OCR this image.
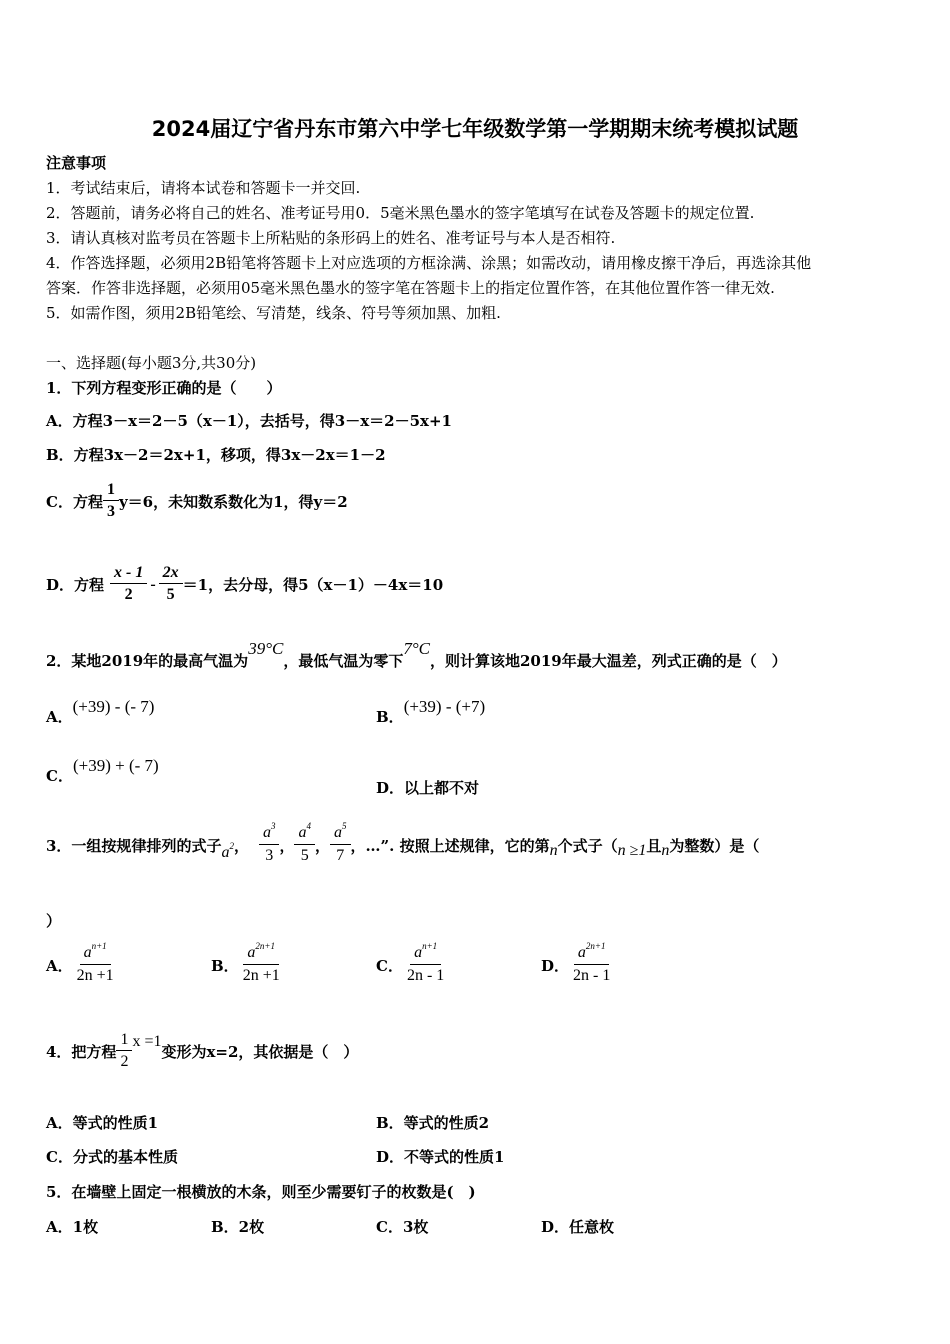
2024届辽宁省丹东市第六中学七年级数学第一学期期末统考模拟试题
注意事项
1．考试结束后，请将本试卷和答题卡一并交回.
2．答题前，请务必将自己的姓名、准考证号用0．5毫米黑色墨水的签字笔填写在试卷及答题卡的规定位置.
3．请认真核对监考员在答题卡上所粘贴的条形码上的姓名、准考证号与本人是否相符.
4．作答选择题，必须用2B铅笔将答题卡上对应选项的方框涂满、涂黑；如需改动，请用橡皮擦干净后，再选涂其他
答案．作答非选择题，必须用05毫米黑色墨水的签字笔在答题卡上的指定位置作答，在其他位置作答一律无效.
5．如需作图，须用2B铅笔绘、写清楚，线条、符号等须加黑、加粗.
一、选择题(每小题3分,共30分)
1．下列方程变形正确的是（　　）
A．方程3－x＝2－5（x－1），去括号，得3－x＝2－5x+1
B．方程3x－2＝2x+1，移项，得3x－2x＝1－2
C．方程 $\frac{1}{3} y=6$，未知数系数化为1，得y＝2
D．方程 $\frac{x - 1}{2} - \frac{2x}{5} =1$，去分母，得5（x－1）－4x＝10
2．某地2019年的最高气温为
39°C
，最低气温为零下
7°C
，则计算该地2019年最大温差，列式正确的是（　）
A．
(+39) - (- 7)
B．
(+39) - (+7)
C．
(+39) + (- 7)
D．以上都不对
3．一组按规律排列的式子 $a^2$ ， $\frac{a^3}{3}$ ， $\frac{a^4}{5}$ ， $\frac{a^5}{7}$ ，…”. 按照上述规律，它的第 n 个式子（ n ≥1 且 n 为整数）是（
）
A． $\frac{a^{n+1}}{2n +1}$	B． $\frac{a^{2n+1}}{2n +1}$	C． $\frac{a^{n+1}}{2n - 1}$	D． $\frac{a^{2n+1}}{2n - 1}$
4．把方程 $\frac{1}{2}$ x =1
变形为x=2，其依据是（　）
A．等式的性质1	B．等式的性质2
C．分式的基本性质	D．不等式的性质1
5．在墙壁上固定一根横放的木条，则至少需要钉子的枚数是(　)
A．1枚	B．2枚	C．3枚	D．任意枚
